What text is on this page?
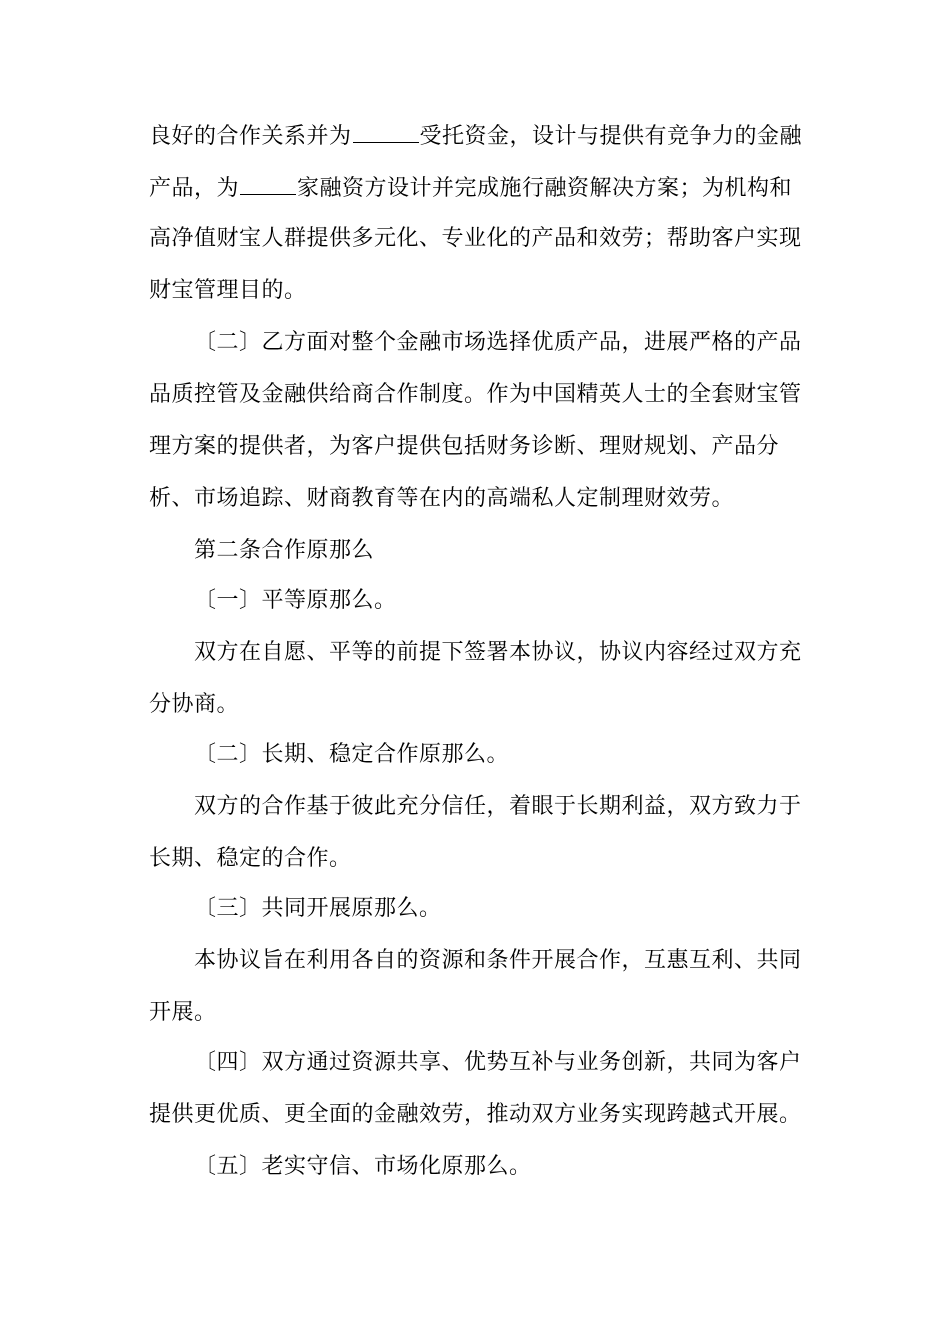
良好的合作关系并为	受托资金，设计与提供有竞争力的金融
产品，为	家融资方设计并完成施行融资解决方案；为机构和
高净值财宝人群提供多元化、专业化的产品和效劳；帮助客户实现
财宝管理目的。
〔二〕乙方面对整个金融市场选择优质产品，进展严格的产品
品质控管及金融供给商合作制度。作为中国精英人士的全套财宝管
理方案的提供者，为客户提供包括财务诊断、理财规划、产品分
析、市场追踪、财商教育等在内的高端私人定制理财效劳。
第二条合作原那么
〔一〕平等原那么。
双方在自愿、平等的前提下签署本协议，协议内容经过双方充
分协商。
〔二〕长期、稳定合作原那么。
双方的合作基于彼此充分信任，着眼于长期利益，双方致力于
长期、稳定的合作。
〔三〕共同开展原那么。
本协议旨在利用各自的资源和条件开展合作，互惠互利、共同
开展。
〔四〕双方通过资源共享、优势互补与业务创新，共同为客户
提供更优质、更全面的金融效劳，推动双方业务实现跨越式开展。
〔五〕老实守信、市场化原那么。
